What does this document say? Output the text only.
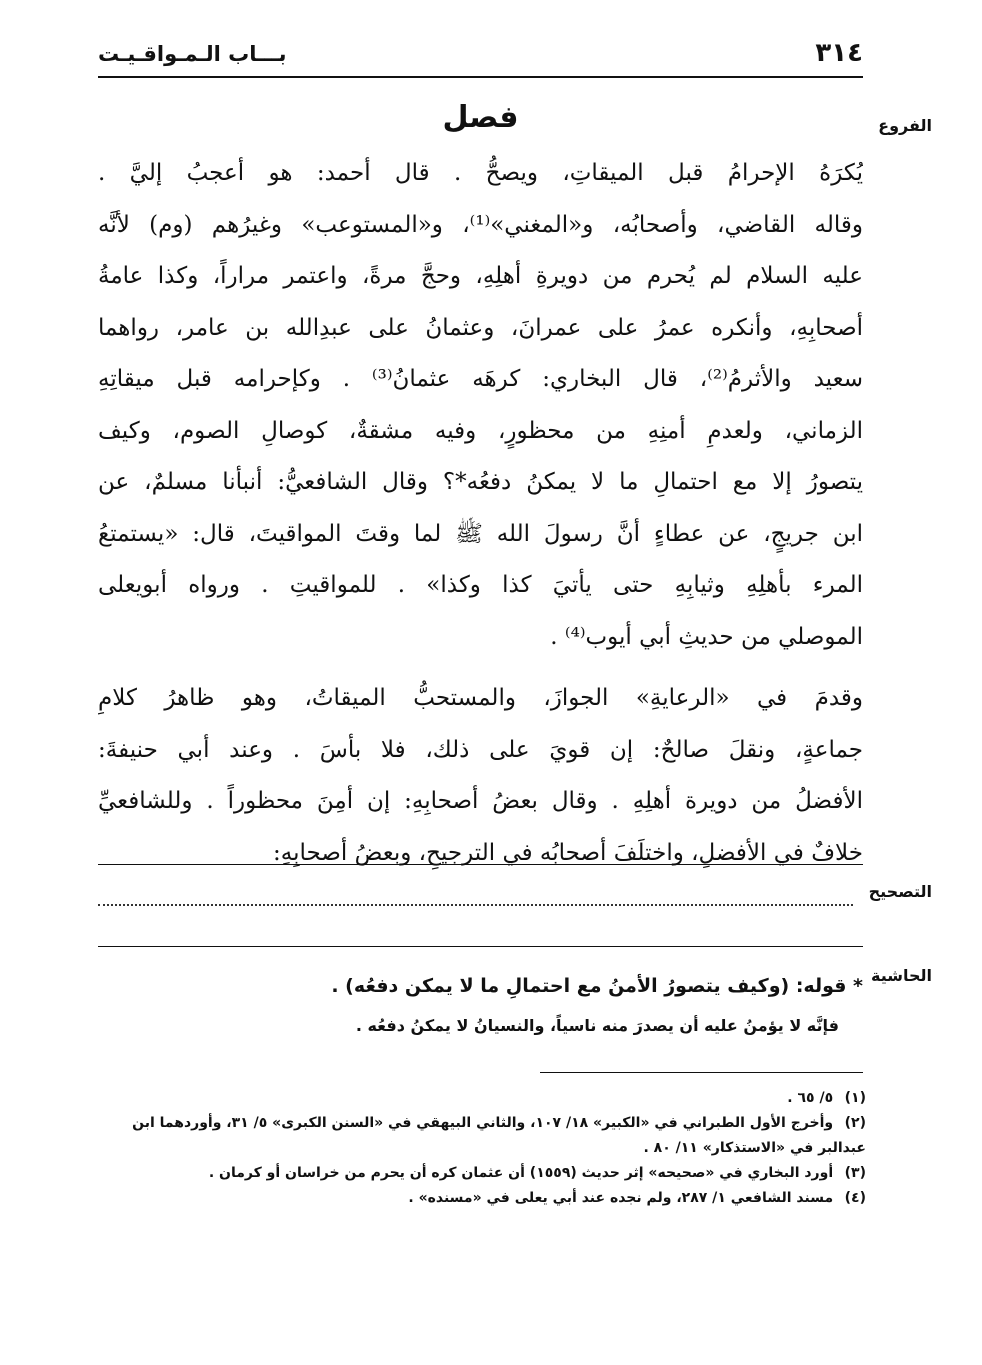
٣١٤
بـــاب الـمـواقـيـت
الفروع
فصل
يُكرَهُ الإحرامُ قبل الميقاتِ، ويصحُّ . قال أحمد: هو أعجبُ إليَّ .
وقاله القاضي، وأصحابُه، و«المغني»⁽¹⁾، و«المستوعب» وغيرُهم (وم) لأنَّه
عليه السلام لم يُحرم من دويرةِ أهلِهِ، وحجَّ مرةً، واعتمر مراراً، وكذا عامةُ
أصحابِهِ، وأنكره عمرُ على عمرانَ، وعثمانُ على عبدِالله بن عامر، رواهما
سعيد والأثرمُ⁽²⁾، قال البخاري: كرهَه عثمانُ⁽³⁾ . وكإحرامه قبل ميقاتِهِ
الزماني، ولعدمِ أمنِهِ من محظورٍ، وفيه مشقةٌ، كوصالِ الصوم، وكيف
يتصورُ إلا مع احتمالِ ما لا يمكنُ دفعُه*؟ وقال الشافعيُّ: أنبأنا مسلمٌ، عن
ابن جريجٍ، عن عطاءٍ أنَّ رسولَ الله ﷺ لما وقتَ المواقيتَ، قال: «يستمتعُ
المرء بأهلِهِ وثيابِهِ حتى يأتيَ كذا وكذا» . للمواقيتِ . ورواه أبويعلى
الموصلي من حديثِ أبي أيوب⁽⁴⁾ .
وقدمَ في «الرعايةِ» الجوازَ، والمستحبُّ الميقاتُ، وهو ظاهرُ كلامِ
جماعةٍ، ونقلَ صالحٌ: إن قويَ على ذلك، فلا بأسَ . وعند أبي حنيفةَ:
الأفضلُ من دويرة أهلِهِ . وقال بعضُ أصحابِهِ: إن أمِنَ محظوراً . وللشافعيِّ
خلافٌ في الأفضلِ، واختلَفَ أصحابُه في الترجيحِ، وبعضُ أصحابِهِ:
التصحيح
الحاشية
* قوله: (وكيف يتصورُ الأمنُ مع احتمالِ ما لا يمكن دفعُه) .
فإنَّه لا يؤمنُ عليه أن يصدرَ منه ناسياً، والنسيانُ لا يمكنُ دفعُه .
(١) ٥/ ٦٥ .
(٢) وأخرج الأول الطبراني في «الكبير» ١٨/ ١٠٧، والثاني البيهقي في «السنن الكبرى» ٥/ ٣١، وأوردهما ابن عبدالبر في «الاستذكار» ١١/ ٨٠ .
(٣) أورد البخاري في «صحيحه» إثر حديث (١٥٥٩) أن عثمان كره أن يحرم من خراسان أو كرمان .
(٤) مسند الشافعي ١/ ٢٨٧، ولم نجده عند أبي يعلى في «مسنده» .
